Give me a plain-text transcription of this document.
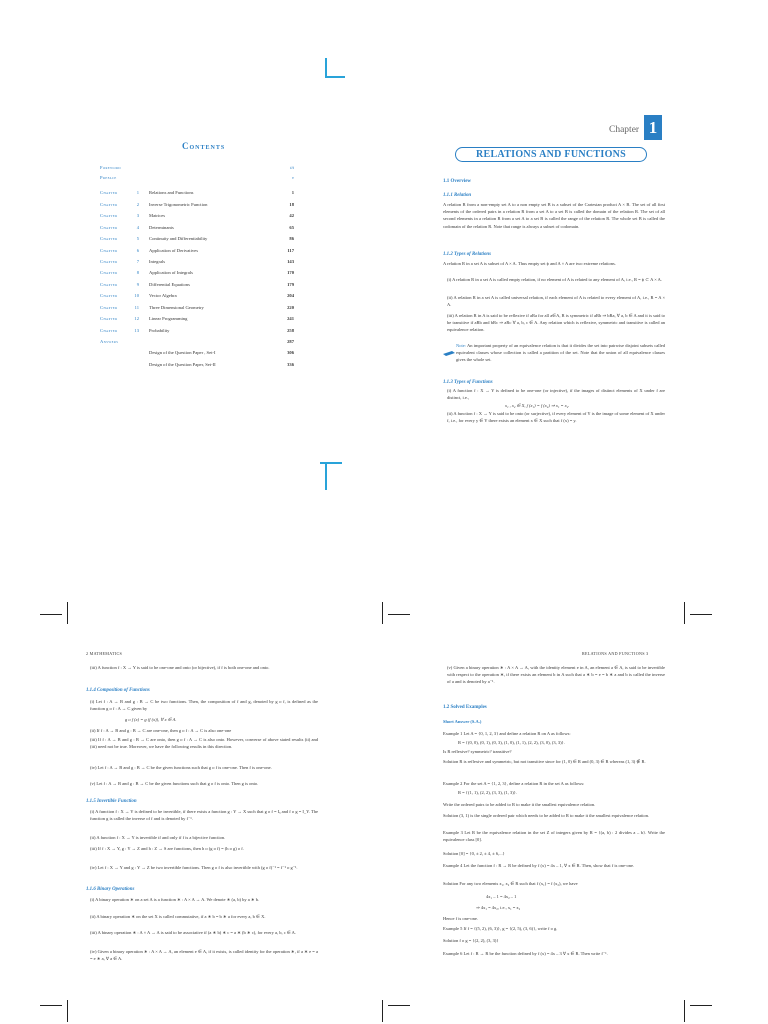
Contents
Foreword	iii
Preface	v
Chapter	1 Relations and Functions	1
Chapter	2 Inverse Trigonometric Function	18
Chapter	3 Matrices	42
Chapter	4 Determinants	65
Chapter	5 Continuity and Differentiability	86
Chapter	6 Application of Derivatives	117
Chapter	7 Integrals	143
Chapter	8 Application of Integrals	170
Chapter	9 Differential Equations	179
Chapter	10 Vector Algebra	204
Chapter	11 Three Dimensional Geometry	220
Chapter	12 Linear Programming	241
Chapter	13 Probability	258
Answers	287
Design of the Question Paper , Set-I	306
Design of the Question Paper, Set-II	336
Chapter 1
RELATIONS AND FUNCTIONS
1.1 Overview
1.1.1 Relation
A relation R from a non-empty set A to a non empty set B is a subset of the Cartesian product A × B. The set of all first elements of the ordered pairs in a relation R from a set A to a set B is called the domain of the relation R. The set of all second elements in a relation R from a set A to a set B is called the range of the relation R. The whole set B is called the codomain of the relation R. Note that range is always a subset of codomain.
1.1.2 Types of Relations
A relation R in a set A is subset of A × A. Thus empty set ϕ and A × A are two extreme relations.
(i) A relation R in a set A is called empty relation, if no element of A is related to any element of A, i.e., R = ϕ ⊂ A × A.
(ii) A relation R in a set A is called universal relation, if each element of A is related to every element of A, i.e., R = A × A.
(iii) A relation R in A is said to be reflexive if aRa for all a∈A, R is symmetric if aRb ⇒ bRa, ∀ a, b ∈ A and it is said to be transitive if aRb and bRc ⇒ aRc ∀ a, b, c ∈ A. Any relation which is reflexive, symmetric and transitive is called an equivalence relation.
Note: An important property of an equivalence relation is that it divides the set into pairwise disjoint subsets called equivalent classes whose collection is called a partition of the set. Note that the union of all equivalence classes gives the whole set.
1.1.3 Types of Functions
(i) A function f : X → Y is defined to be one-one (or injective), if the images of distinct elements of X under f are distinct, i.e.,
x₁ , x₂ ∈ X, f (x₁) = f (x₂) ⇒ x₁ = x₂.
(ii) A function f : X → Y is said to be onto (or surjective), if every element of Y is the image of some element of X under f, i.e., for every y ∈ Y there exists an element x ∈ X such that f (x) = y.
2 MATHEMATICS
(iii) A function f : X → Y is said to be one-one and onto (or bijective), if f is both one-one and onto.
1.1.4 Composition of Functions
(i) Let f : A → B and g : B → C be two functions. Then, the composition of f and g, denoted by g o f, is defined as the function g o f : A → C given by
g o f (x) = g (f (x)), ∀ x ∈ A.
(ii) If f : A → B and g : B → C are one-one, then g o f : A → C is also one-one
(iii) If f : A → B and g : B → C are onto, then g o f : A → C is also onto. However, converse of above stated results (ii) and (iii) need not be true. Moreover, we have the following results in this direction.
(iv) Let f : A → B and g : B → C be the given functions such that g o f is one-one. Then f is one-one.
(v) Let f : A → B and g : B → C be the given functions such that g o f is onto. Then g is onto.
1.1.5 Invertible Function
(i) A function f : X → Y is defined to be invertible, if there exists a function g : Y → X such that g o f = Iₓ and f o g = I_Y. The function g is called the inverse of f and is denoted by f⁻¹.
(ii) A function f : X → Y is invertible if and only if f is a bijective function.
(iii) If f : X → Y, g : Y → Z and h : Z → S are functions, then h o (g o f) = (h o g) o f.
(iv) Let f : X → Y and g : Y → Z be two invertible functions. Then g o f is also invertible with (g o f)⁻¹ = f⁻¹ o g⁻¹.
1.1.6 Binary Operations
(i) A binary operation ∗ on a set A is a function ∗ : A × A → A. We denote ∗ (a, b) by a ∗ b.
(ii) A binary operation ∗ on the set X is called commutative, if a ∗ b = b ∗ a for every a, b ∈ X.
(iii) A binary operation ∗ : A × A → A is said to be associative if (a ∗ b) ∗ c = a ∗ (b ∗ c), for every a, b, c ∈ A.
(iv) Given a binary operation ∗ : A × A → A, an element e ∈ A, if it exists, is called identity for the operation ∗, if a ∗ e = a = e ∗ a, ∀ a ∈ A.
RELATIONS AND FUNCTIONS 3
(v) Given a binary operation ∗ : A × A → A, with the identity element e in A, an element a ∈ A, is said to be invertible with respect to the operation ∗, if there exists an element b in A such that a ∗ b = e = b ∗ a and b is called the inverse of a and is denoted by a⁻¹.
1.2 Solved Examples
Short Answer (S.A.)
Example 1 Let A = {0, 1, 2, 3} and define a relation R on A as follows:
R = {(0, 0), (0, 1), (0, 3), (1, 0), (1, 1), (2, 2), (3, 0), (3, 3)}.
Is R reflexive? symmetric? transitive?
Solution R is reflexive and symmetric, but not transitive since for (1, 0) ∈ R and (0, 3) ∈ R whereas (1, 3) ∉ R.
Example 2 For the set A = {1, 2, 3}, define a relation R in the set A as follows:
R = {(1, 1), (2, 2), (3, 3), (1, 3)}.
Write the ordered pairs to be added to R to make it the smallest equivalence relation.
Solution (3, 1) is the single ordered pair which needs to be added to R to make it the smallest equivalence relation.
Example 3 Let R be the equivalence relation in the set Z of integers given by R = {(a, b) : 2 divides a – b}. Write the equivalence class [0].
Solution [0] = {0, ± 2, ± 4, ± 6,...}
Example 4 Let the function f : R → R be defined by f (x) = 4x – 1, ∀ x ∈ R. Then, show that f is one-one.
Solution For any two elements x₁, x₂ ∈ R such that f (x₁) = f (x₂), we have
4x₁ – 1 = 4x₂ – 1
⇒ 4x₁ = 4x₂, i.e., x₁ = x₂
Hence f is one-one.
Example 5 If f = {(5, 2), (6, 3)}, g = {(2, 5), (3, 6)}, write f o g.
Solution f o g = {(2, 2), (3, 3)}
Example 6 Let f : R → R be the function defined by f (x) = 4x – 3 ∀ x ∈ R. Then write f⁻¹.
